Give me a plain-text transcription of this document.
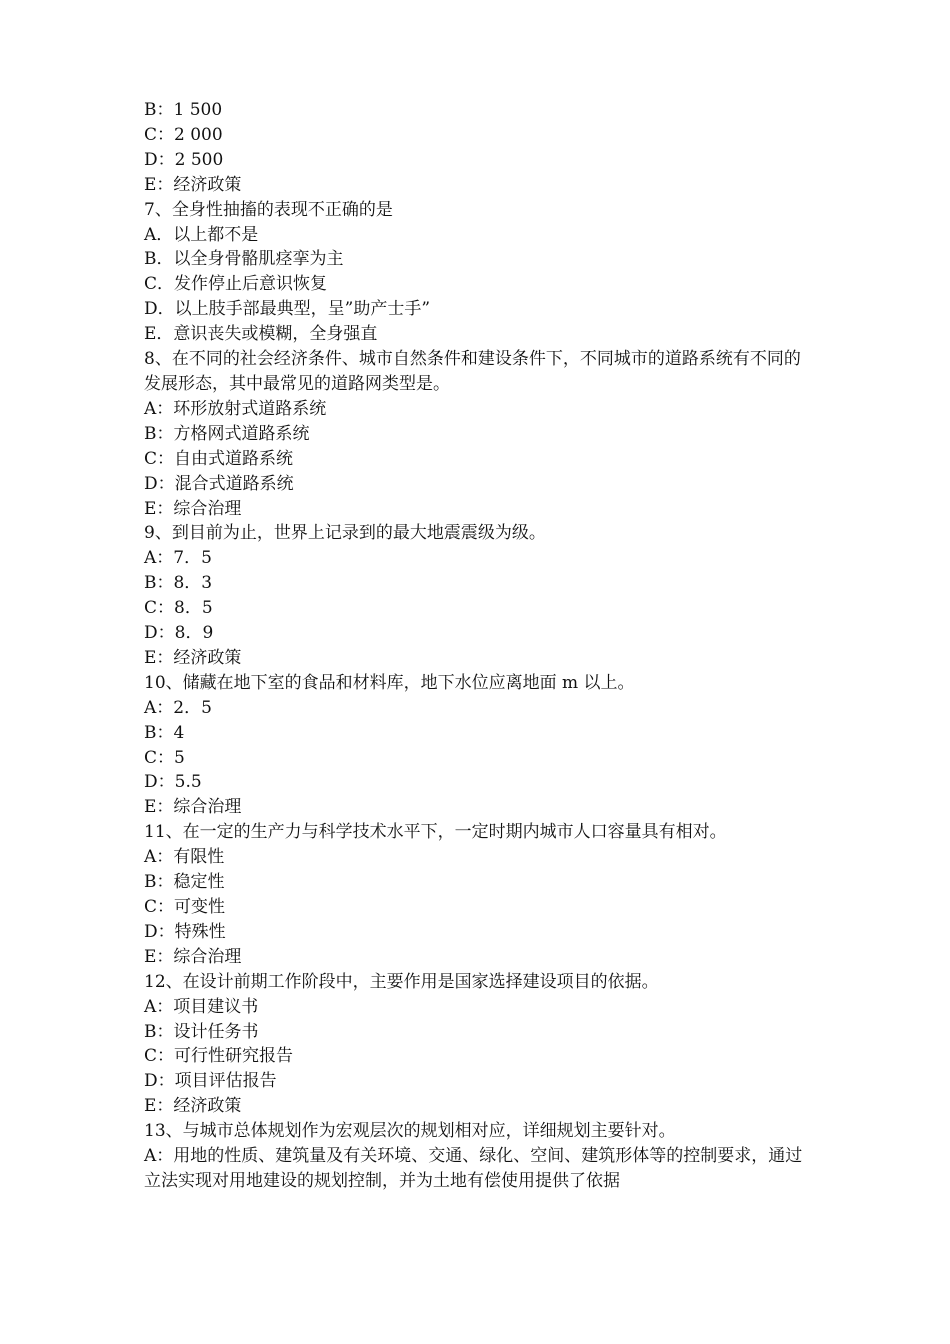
B：1 500

C：2 000

D：2 500

E：经济政策

7、全身性抽搐的表现不正确的是

A．以上都不是

B．以全身骨骼肌痉挛为主

C．发作停止后意识恢复

D．以上肢手部最典型，呈”助产士手”

E．意识丧失或模糊，全身强直

8、在不同的社会经济条件、城市自然条件和建设条件下，不同城市的道路系统有不同的发展形态，其中最常见的道路网类型是。

A：环形放射式道路系统

B：方格网式道路系统

C：自由式道路系统

D：混合式道路系统

E：综合治理

9、到目前为止，世界上记录到的最大地震震级为级。

A：7．5

B：8．3

C：8．5

D：8．9

E：经济政策

10、储藏在地下室的食品和材料库，地下水位应离地面 m 以上。

A：2．5

B：4

C：5

D：5.5

E：综合治理

11、在一定的生产力与科学技术水平下，一定时期内城市人口容量具有相对。

A：有限性

B：稳定性

C：可变性

D：特殊性

E：综合治理

12、在设计前期工作阶段中，主要作用是国家选择建设项目的依据。

A：项目建议书

B：设计任务书

C：可行性研究报告

D：项目评估报告

E：经济政策

13、与城市总体规划作为宏观层次的规划相对应，详细规划主要针对。

A：用地的性质、建筑量及有关环境、交通、绿化、空间、建筑形体等的控制要求，通过立法实现对用地建设的规划控制，并为土地有偿使用提供了依据
